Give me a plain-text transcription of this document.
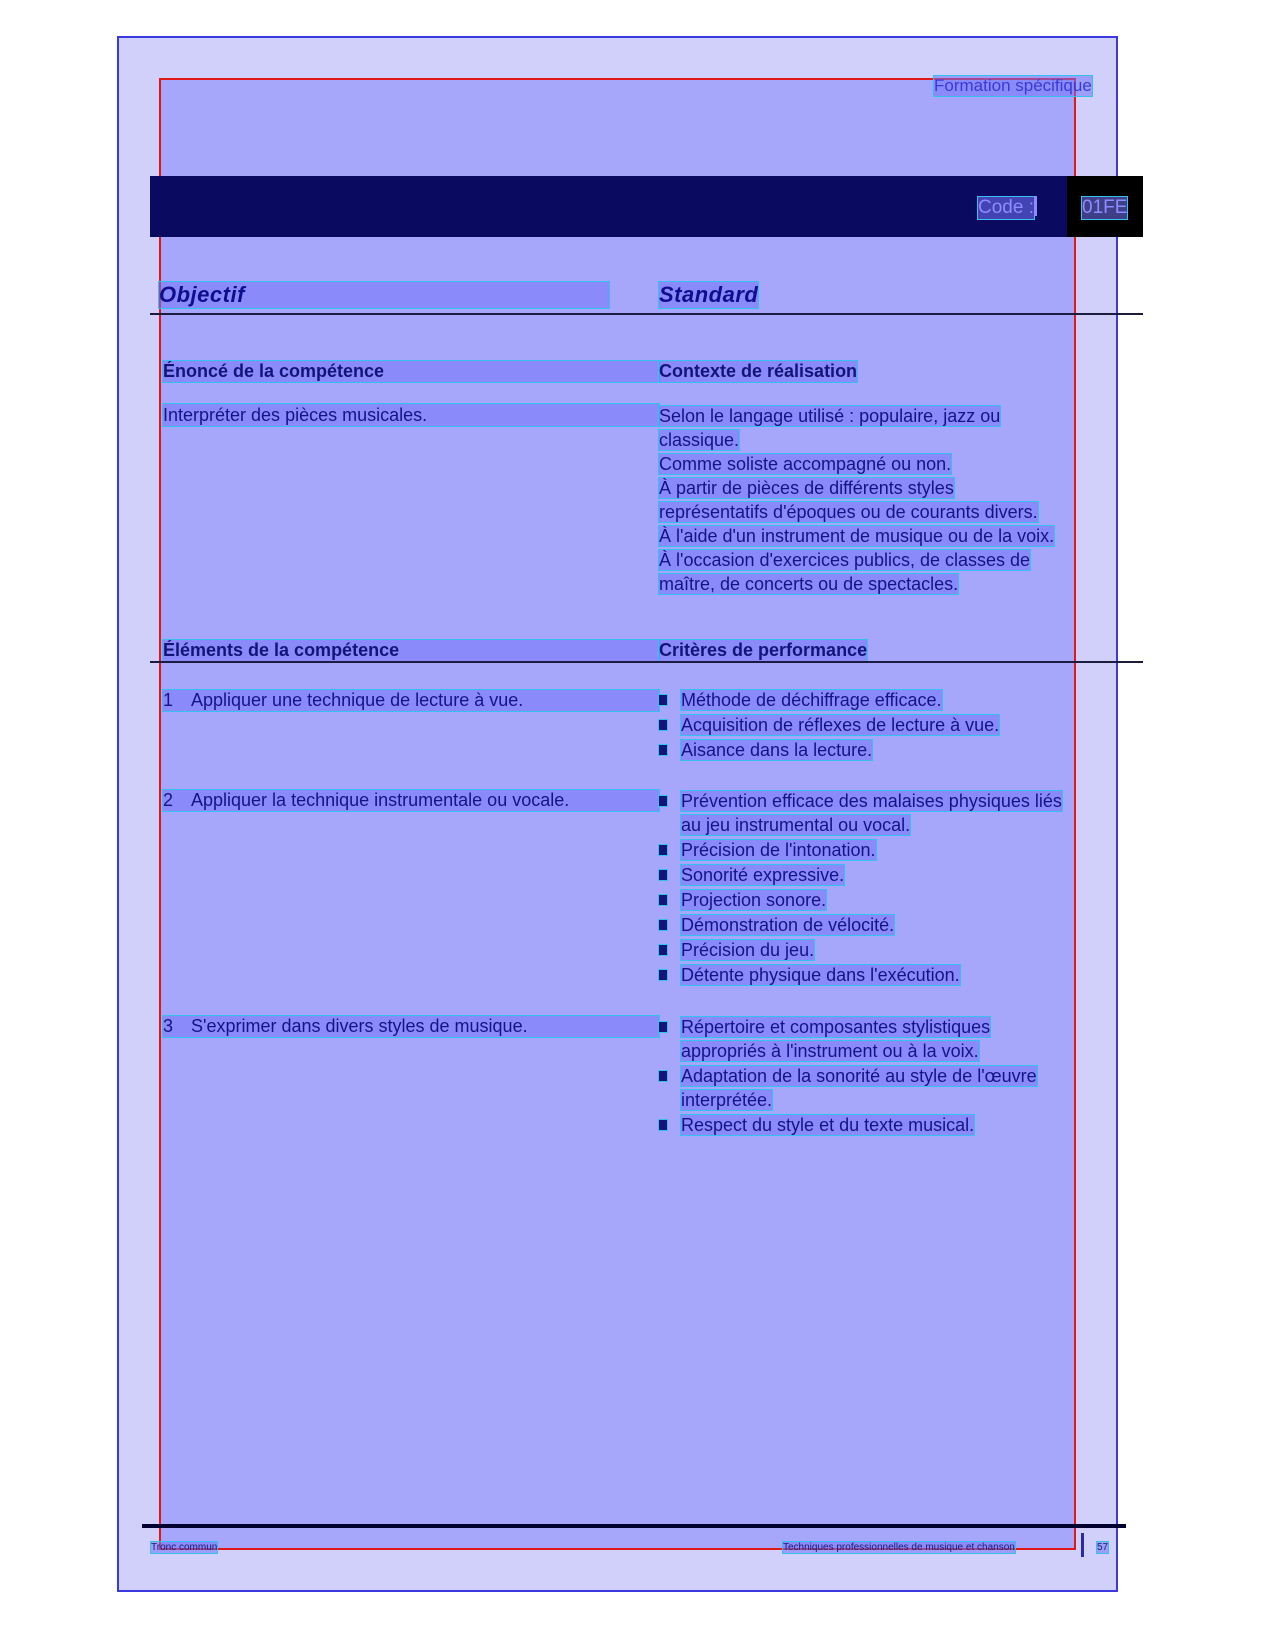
Formation spécifique
Code :	01FE
Objectif	Standard
Énoncé de la compétence	Contexte de réalisation
Interpréter des pièces musicales.	Selon le langage utilisé : populaire, jazz ou
classique.
Comme soliste accompagné ou non.
À partir de pièces de différents styles
représentatifs d'époques ou de courants divers.
À l'aide d'un instrument de musique ou de la voix.
À l'occasion d'exercices publics, de classes de
maître, de concerts ou de spectacles.
Éléments de la compétence	Critères de performance
1 Appliquer une technique de lecture à vue.	Méthode de déchiffrage efficace.
Acquisition de réflexes de lecture à vue.
Aisance dans la lecture.
2 Appliquer la technique instrumentale ou vocale.	Prévention efficace des malaises physiques liés
au jeu instrumental ou vocal.
Précision de l'intonation.
Sonorité expressive.
Projection sonore.
Démonstration de vélocité.
Précision du jeu.
Détente physique dans l'exécution.
3 S'exprimer dans divers styles de musique.	Répertoire et composantes stylistiques
appropriés à l'instrument ou à la voix.
Adaptation de la sonorité au style de l'œuvre
interprétée.
Respect du style et du texte musical.
Tronc commun	Techniques professionnelles de musique et chanson	57
